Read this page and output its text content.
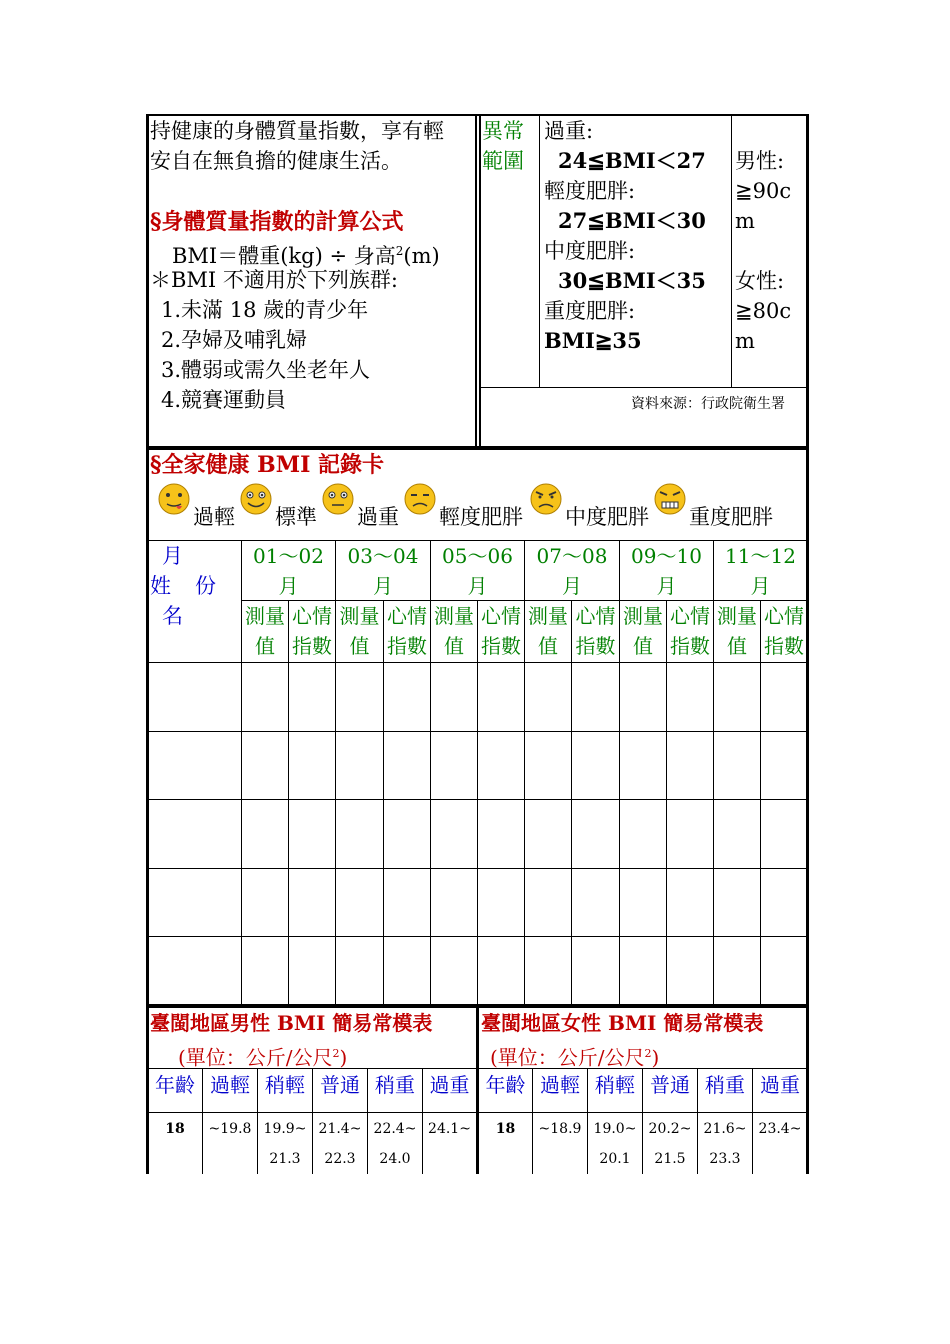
持健康的身體質量指數，享有輕
安自在無負擔的健康生活。
§身體質量指數的計算公式
BMI＝體重(kg) ÷ 身高$^2$(m)
＊BMI 不適用於下列族群:
1.未滿 18 歲的青少年
2.孕婦及哺乳婦
3.體弱或需久坐老年人
4.競賽運動員
異常
範圍
過重:
24≦BMI＜27
輕度肥胖:
27≦BMI＜30
中度肥胖:
30≦BMI＜35
重度肥胖:
BMI≧35
男性:
≧90c
m
女性:
≧80c
m
資料來源：行政院衛生署
§全家健康 BMI 記錄卡
過輕 標準 過重 輕度肥胖 中度肥胖 重度肥胖
月
姓 份
名
01～02
月
03～04
月
05～06
月
07～08
月
09～10
月
11～12
月
測量
值
心情
指數
測量
值
心情
指數
測量
值
心情
指數
測量
值
心情
指數
測量
值
心情
指數
測量
值
心情
指數
臺閩地區男性 BMI 簡易常模表
(單位：公斤/公尺$^2$)
年齡 過輕 稍輕 普通 稍重 過重
18	~19.8 19.9~
21.3
21.4~
22.3
22.4~
24.0
24.1~
臺閩地區女性 BMI 簡易常模表
(單位：公斤/公尺$^2$)
年齡 過輕 稍輕 普通 稍重 過重
18	~18.9 19.0~
20.1
20.2~
21.5
21.6~
23.3
23.4~
